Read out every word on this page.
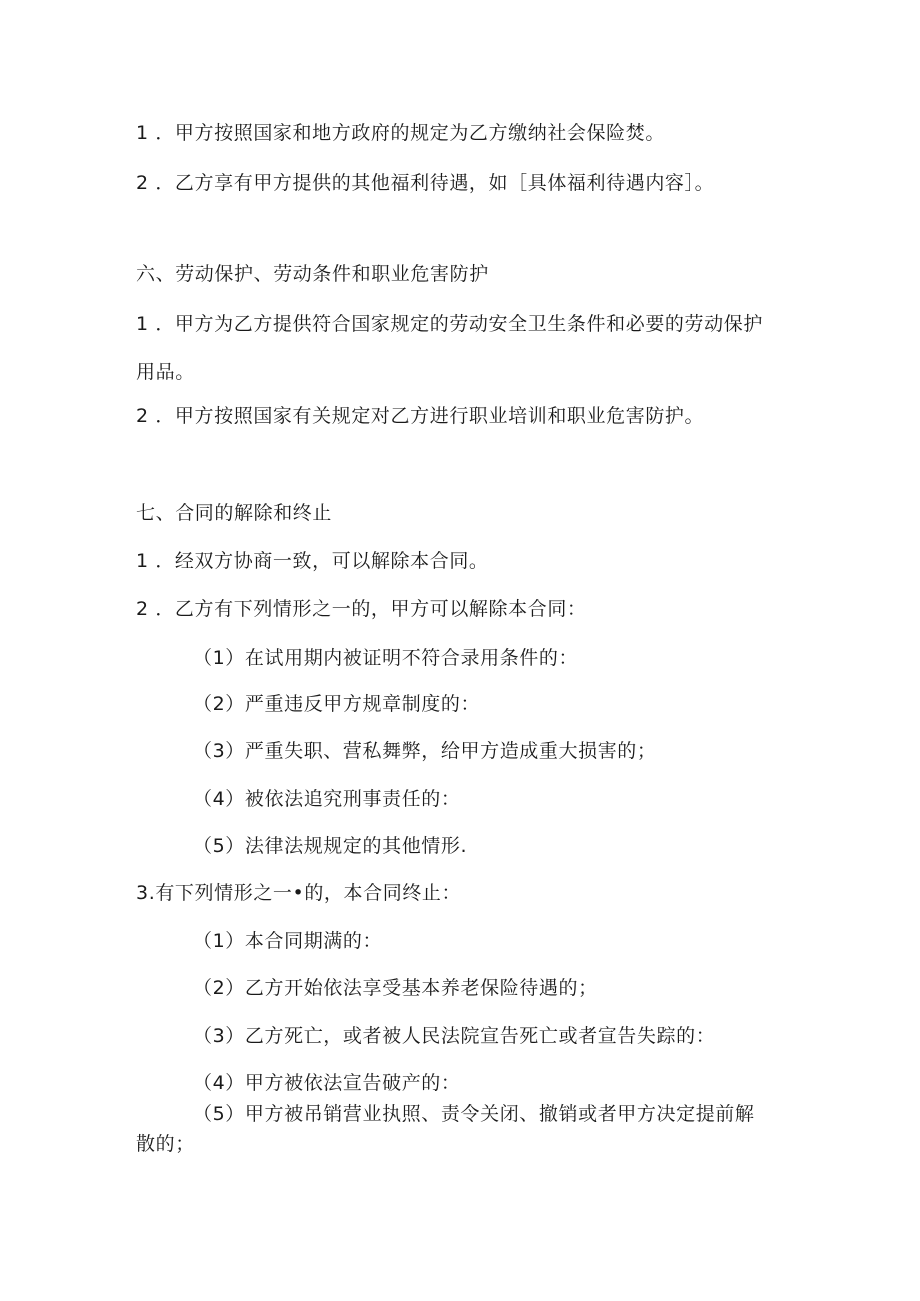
1 ．甲方按照国家和地方政府的规定为乙方缴纳社会保险焚。
2 ．乙方享有甲方提供的其他福利待遇，如［具体福利待遇内容］。
六、劳动保护、劳动条件和职业危害防护
1 ．甲方为乙方提供符合国家规定的劳动安全卫生条件和必要的劳动保护
用品。
2 ．甲方按照国家有关规定对乙方进行职业培训和职业危害防护。
七、合同的解除和终止
1 ．经双方协商一致，可以解除本合同。
2 ．乙方有下列情形之一的，甲方可以解除本合同：
（1）在试用期内被证明不符合录用条件的：
（2）严重违反甲方规章制度的：
（3）严重失职、营私舞弊，给甲方造成重大损害的；
（4）被依法追究刑事责任的：
（5）法律法规规定的其他情形.
3.有下列情形之一•的，本合同终止：
（1）本合同期满的：
（2）乙方开始依法享受基本养老保险待遇的；
（3）乙方死亡，或者被人民法院宣告死亡或者宣告失踪的：
（4）甲方被依法宣告破产的：
（5）甲方被吊销营业执照、责令关闭、撤销或者甲方决定提前解
散的；
